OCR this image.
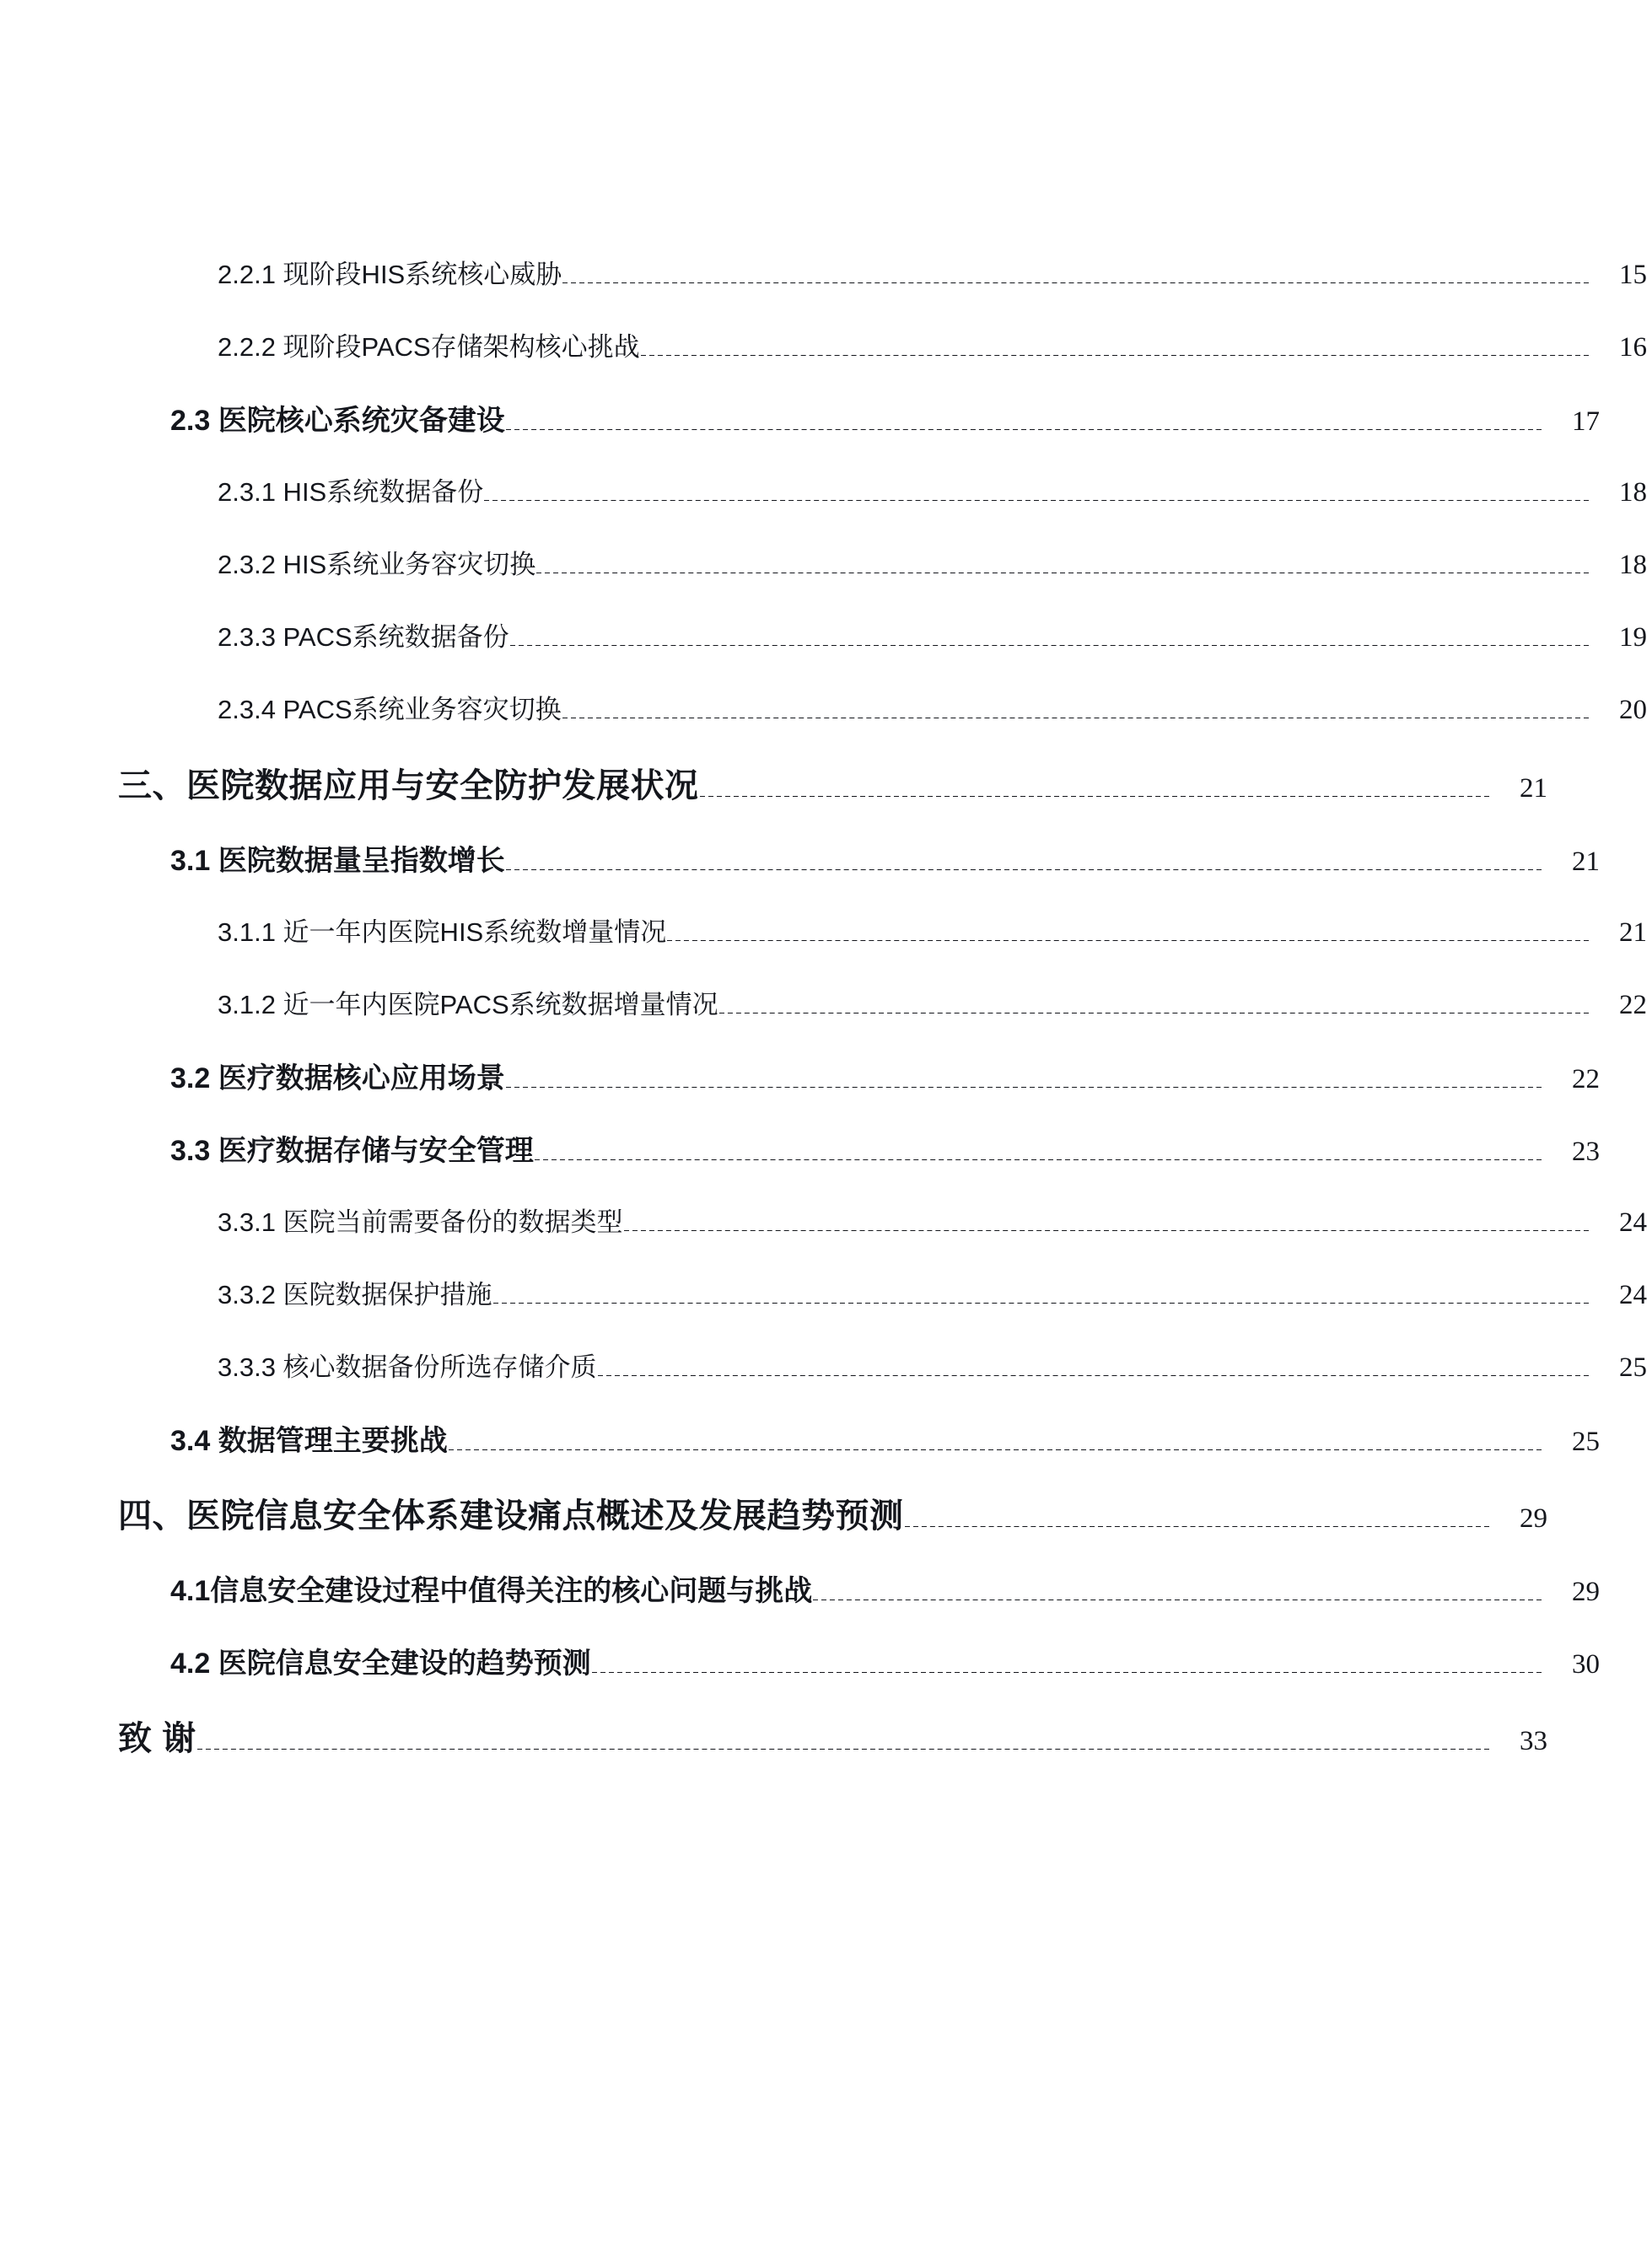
2.2.1 现阶段HIS系统核心威胁	15
2.2.2 现阶段PACS存储架构核心挑战	16
2.3 医院核心系统灾备建设	17
2.3.1 HIS系统数据备份	18
2.3.2 HIS系统业务容灾切换	18
2.3.3 PACS系统数据备份	19
2.3.4 PACS系统业务容灾切换	20
三、医院数据应用与安全防护发展状况	21
3.1 医院数据量呈指数增长	21
3.1.1 近一年内医院HIS系统数增量情况	21
3.1.2 近一年内医院PACS系统数据增量情况	22
3.2 医疗数据核心应用场景	22
3.3 医疗数据存储与安全管理	23
3.3.1 医院当前需要备份的数据类型	24
3.3.2 医院数据保护措施	24
3.3.3 核心数据备份所选存储介质	25
3.4 数据管理主要挑战	25
四、医院信息安全体系建设痛点概述及发展趋势预测	29
4.1信息安全建设过程中值得关注的核心问题与挑战	29
4.2 医院信息安全建设的趋势预测	30
致 谢	33
